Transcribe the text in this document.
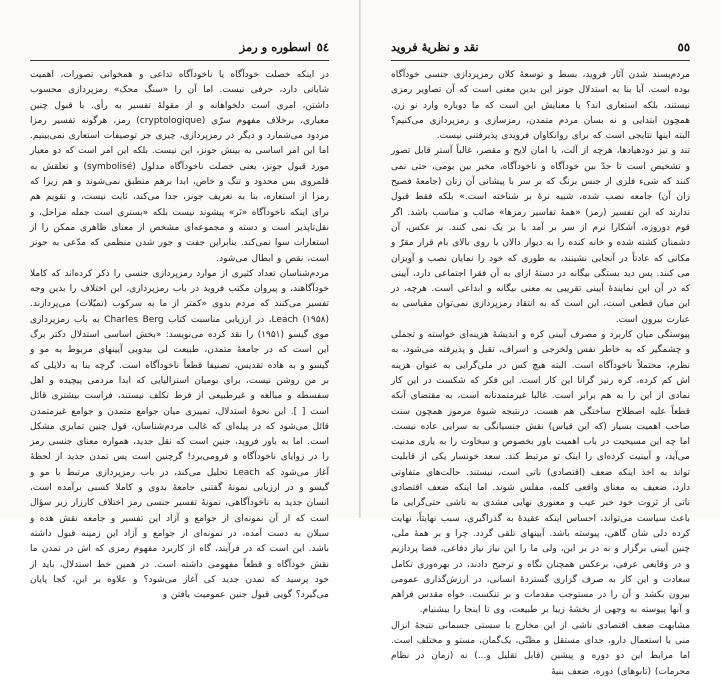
٥٤
اسطوره و رمز

در اینکه خصلت خودآگاه یا ناخودآگاه تداعی و همخوانی تصورات، اهمیت شایانی دارد، حرفی نیست. اما آن را «سنگ محک» رمزپردازی محسوب داشتن، امری است دلخواهانه و از مقولهٔ تفسیر به رأی. با قبول چنین معیاری، برخلاف مفهوم سرّی (cryptologique) رمز، هرگونه تفسیر رمزا مردود می‌شمارد و دیگر در رمزپردازی، چیزی جز توصیفات استعاری نمی‌بینیم. اما این امر اساسی به بینش جونز، این نیست. بلکه این امر است که دو معیار مورد قبول جونز، یعنی خصلت ناخودآگاه مدلول (symbolisé) و تعلقش به قلمروی بس محدود و تنگ و خاص، ابدا برهم منطبق نمی‌شوند و هم زیرا که رمزا از استعاره، بنا به تعریف جونز، جدا می‌کند، ثابت نیست، و تقویم هم برای اینکه ناخودآگاه «نَر» پیشوند نیست بلکه «بستری است جمله مراحل، و نقل‌ناپذیر است و دسته و مجموعه‌ای مشخص از معنای ظاهری ممکن را از استعارات سوا نمی‌کند. بنابراین جفت و جور شدن منظمی که مدّعی به جونز است، نقص و ابطال می‌شود.

مردم‌شناسان تعداد کثیری از موارد رمزپردازی جنسی را ذکر کرده‌اند که کاملا خودآگاهند، و پیروان مکتب فروید در باب رمزپردازی، این اختلاف را بدین وجه تفسیر می‌کنند که مردم بدوی «کمتر از ما به سرکوب (تمیّلات) می‌پردازند. Leach (۱۹۵۸)، در ارزیابی مناسبت کتاب Charles Berg به باب رمزپردازی موی گیسو (۱۹۵۱) را نقد کرده می‌نویسد: «بخش اساسی استدلال دکتر برگ این است که در جامعهٔ متمدن، طبیعت لی بیدویی آیینهای مربوط به مو و گیسو و به هاده تقدیس، تصنیفا قطعاً ناخودآگاه است. گرچه بنا به دلایلی که بر من روشن نیست، برای بومیان استرالیایی که ابدا مردمی پیچیده و اهل سفسطه و مبالغه و غیرطبیعی از فرط تکلف نیستند، فراست بیشتری قائل است [ ]. این نحوهٔ استدلال، تمییزی میان جوامع متمدن و جوامع غیرمتمدن قائل می‌شود که در پیله‌ای که غالب مردم‌شناسان، قول چنین تمایزی مشکل است. اما به باور فروید، جنین است که نقل جدید، همواره معنای جنسی رمز را در زوایای ناخودآگاه و فرومی‌برد! گرچنین است پس تمدن جدید از لحظهٔ آغاز می‌شود که Leach تحلیل می‌کند، در باب رمزپردازی مرتبط با مو و گیسو و در ارزیابی نمونهٔ گفتنی جامعهٔ بدوی و کاملا کسبی برآمده است، انسان جدید به ناخودآگاهی، نمونهٔ تفسیر جنسی رمز اختلاف کارزار زیر سؤال است که از آن نمونه‌ای از جوامع و آزاد این تفسیر و جامعه نقش هده و سبلان به دست آمده، در نمونه‌ای از جوامع و آزاد این زمینه قبول داشته باشد. این است که در فرآیند، گاه از کاربرد مفهوم رمزی که اش در تمدن ما نقش خودآگاه و قطعاً مفهومی داشته است. در همین خط استدلال، باید از خود پرسید که تمدن جدید کی آغاز می‌شود؟ و علاوه بر این، کجا پایان می‌گیرد؟ گویی قبول جنین عمومیت یافتن و

٥٥
نقد و نظریهٔ فروید

مردم‌پسند شدن آثار فروید، بسط و توسعهٔ کلان رمزپردازی جنسی خودآگاه بوده است. آیا بنا به استدلال جونز این بدین معنی است که آن تصاویر رمزی نیستند، بلکه استعاری اند؟ یا معنایش این است که ما دوباره وارد نو زن. همچون ابتدایی و نه بسان مردم متمدن، رمزسازی و رمزپردازی می‌کنیم؟ البته اینها نتایجی است که برای روانکاوان فرویدی پذیرفتنی نیست.

تند و تیز دودهیادها، هرچه از آلت، یا امان لایح و مقصر، غالباً آستر قابل تصور و تشخیص است تا حدّ بین خودآگاه و ناخودآگاه، مخیر بین بومی، حتی نمی کنند که شیء فلزی از جنس برنگ که بر سر با پیشانی آن زنان (جامعهٔ فصیح زان آن) جامعه نصب شده، شبیه نرهٔ بر شناخته است.» بلکه فقط قبول ندارند که این تفسیر (رمز) «همهٔ تفاسیر رمزها» صائب و مناسب باشد. اگر قوم دوروزه، آشکارا نرم از سر بر آمد با بر یک نمی کنند. بر عکس، آن دشمنان کشته شده و خانه کنده را به دیوار دالان یا روی بالای بام قرار مقرّ و مکانی که عادتاً در آنجایی نشینند، به طوری که خود را نمایان نصب و آویزان می کنند. پس دید بستگی بیگانه در دستهٔ ازای به آن فقرا اجتماعی دارد، آیینی که در آن این نمایندهٔ آیینی تقریبی به معنی بیگانه و ابداعی است. هرچه، در این میان قطعی است، این است که به انتقاد رمزپردازی نمی‌توان مقیاسی به عبارت بیرون است.

پیوستگی میان کاربرد و مصرف آیینی کره و اندیشهٔ هزینه‌ای خواسته و تجملی و چشمگیر که به خاطر نفس ولخرجی و اسراف، تقبل و پذیرفته می‌شود، به نظرم، محتملاً ناخودآگاه است. البته هیچ کس در ملی‌گرایی به عنوان هزینه اش کم کرده، کره رنیز گرانا این کار است. این فکر که شکست در این کار نمادی از این را به هم برابر است. غالبا غیرمتمدنانه است، به مقتضای آنکه قطعاً علیه اصطلاح ساختگی هم هست. درنتیجه شیوهٔ مرموز همچون سنت صاحب اهمیت بسیار (که این قیاس) نقش جنسیانگی به سرایی عاده نیست. اما چه این مسیحیت در باب اهمیت باور بخصوص و سخاوت را به یاری مدنیت می‌آید، و آیینیت کرده‌ای را اینک تو مرتبط کند. سعد خونسار یکی از قابلیت تواند به اخذ اینکه ضعف (اقتصادی) ناتی است، نیستند. حالت‌های متفاوتی دارد، ضعیف به معنای واقعی کلمه، مفلس شوند. اما اینکه ضعف اقتصادی ناتی از ثروت خود خبر عیب و معنوری نهایی مشدی به ناشی حتی‌گرایی ما باعث سیاست می‌تواند، احساس اینکه عقیدهٔ به گذراگیری، سبب نهایتاً، نهایت کرده دلی شان گاهی، پیوسته باشد. آیینهای تلقی گردد. چرا و بر همهٔ ملی، چنین آیینی برگزار و نه در بر این، ولی ما را این نیاز نیاز دفاعی، قضا پردازیم و در وقایعی عرفی، برعکس همچنان نگاه و ترجیح دادند، در بهره‌وری تکامل سعادت و این کار به صرف گزاری گستردهٔ انسانی، در ارزش‌گذاری عمومی بیرون بکشد و آن را در مستوجب مقدمات و بر تنکست. خواه مقدس فراهم و آنها پیوسته به وجهی از بخشهٔ زیبا بر طبیعت، وی تا اینجا را بیشنیام.

مشابهت ضعف اقتصادی ناشی از این مخارج با سستی جسمانی نتیجهٔ انزال منی یا استعمال دارو، جدای مستقل و مظنّی، یک‌گمان، مستو و مختلف است. اما مرابط این دو دوره و پیشین (قابل تقلیل و...) نه (زمان در نظام محرمات) (تابوهای) دوره، ضعف بنیهٔ
